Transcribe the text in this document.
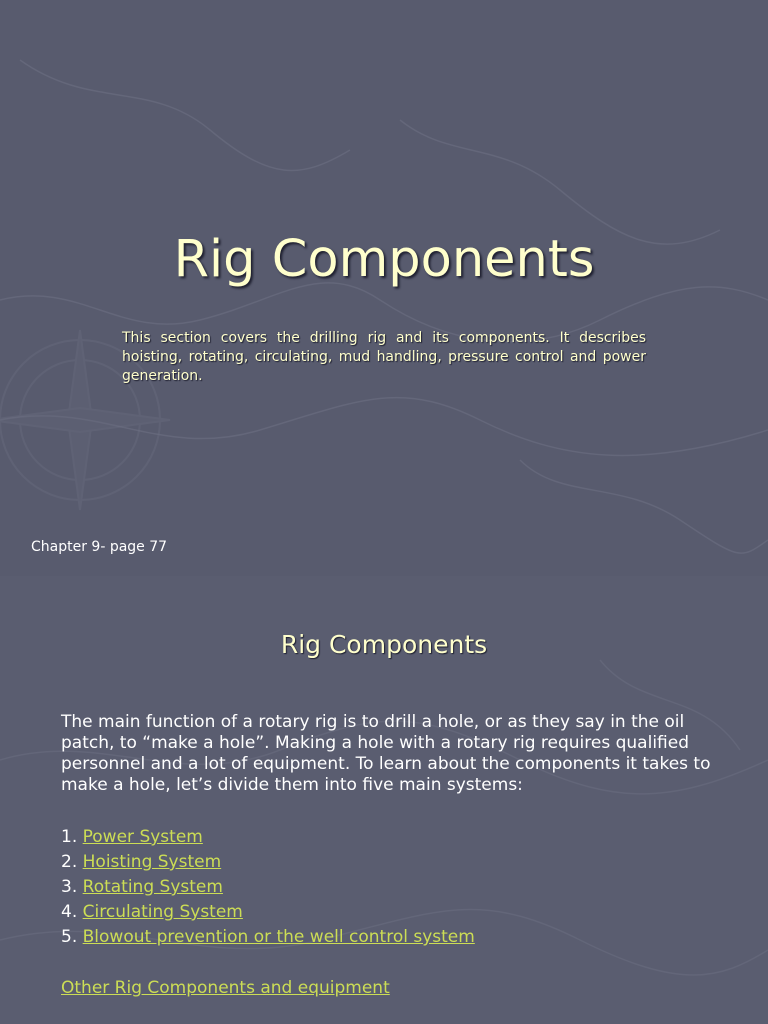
Rig Components
This section covers the drilling rig and its components. It describes hoisting, rotating, circulating, mud handling, pressure control and power generation.
Chapter 9- page 77
Rig Components
The main function of a rotary rig is to drill a hole, or as they say in the oil patch, to “make a hole”. Making a hole with a rotary rig requires qualified personnel and a lot of equipment. To learn about the components it takes to make a hole, let’s divide them into five main systems:
1. Power System
2. Hoisting System
3. Rotating System
4. Circulating System
5. Blowout prevention or the well control system
Other Rig Components and equipment
